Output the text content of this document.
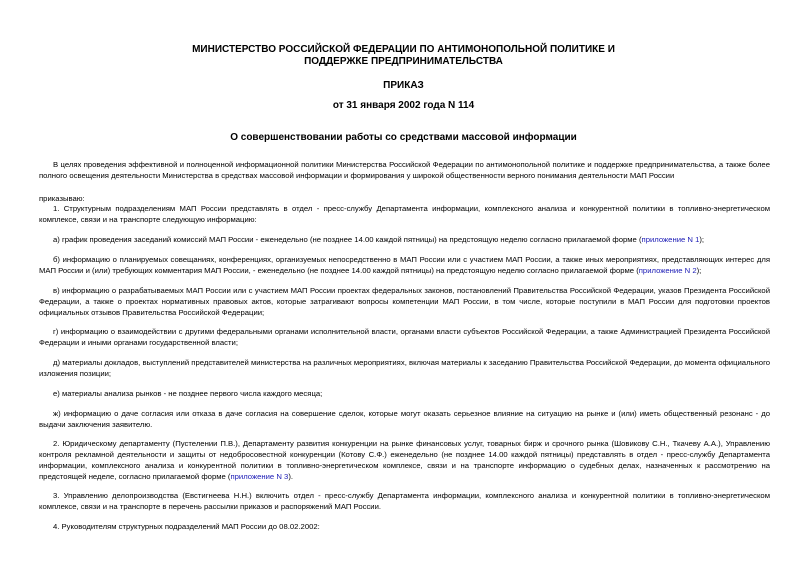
МИНИСТЕРСТВО РОССИЙСКОЙ ФЕДЕРАЦИИ ПО АНТИМОНОПОЛЬНОЙ ПОЛИТИКЕ И
ПОДДЕРЖКЕ ПРЕДПРИНИМАТЕЛЬСТВА
ПРИКАЗ
от 31 января 2002 года N 114
О совершенствовании работы со средствами массовой информации
В целях проведения эффективной и полноценной информационной политики Министерства Российской Федерации по антимонопольной политике и поддержке предпринимательства, а также более полного освещения деятельности Министерства в средствах массовой информации и формирования у широкой общественности верного понимания деятельности МАП России
приказываю:
1. Структурным подразделениям МАП России представлять в отдел - пресс-службу Департамента информации, комплексного анализа и конкурентной политики в топливно-энергетическом комплексе, связи и на транспорте следующую информацию:
а) график проведения заседаний комиссий МАП России - еженедельно (не позднее 14.00 каждой пятницы) на предстоящую неделю согласно прилагаемой форме (приложение N 1);
б) информацию о планируемых совещаниях, конференциях, организуемых непосредственно в МАП России или с участием МАП России, а также иных мероприятиях, представляющих интерес для МАП России и (или) требующих комментария МАП России, - еженедельно (не позднее 14.00 каждой пятницы) на предстоящую неделю согласно прилагаемой форме (приложение N 2);
в) информацию о разрабатываемых МАП России или с участием МАП России проектах федеральных законов, постановлений Правительства Российской Федерации, указов Президента Российской Федерации, а также о проектах нормативных правовых актов, которые затрагивают вопросы компетенции МАП России, в том числе, которые поступили в МАП России для подготовки проектов официальных отзывов Правительства Российской Федерации;
г) информацию о взаимодействии с другими федеральными органами исполнительной власти, органами власти субъектов Российской Федерации, а также Администрацией Президента Российской Федерации и иными органами государственной власти;
д) материалы докладов, выступлений представителей министерства на различных мероприятиях, включая материалы к заседанию Правительства Российской Федерации, до момента официального изложения позиции;
е) материалы анализа рынков - не позднее первого числа каждого месяца;
ж) информацию о даче согласия или отказа в даче согласия на совершение сделок, которые могут оказать серьезное влияние на ситуацию на рынке и (или) иметь общественный резонанс - до выдачи заключения заявителю.
2. Юридическому департаменту (Пустелении П.В.), Департаменту развития конкуренции на рынке финансовых услуг, товарных бирж и срочного рынка (Шовикову С.Н., Ткачеву А.А.), Управлению контроля рекламной деятельности и защиты от недобросовестной конкуренции (Котову С.Ф.) еженедельно (не позднее 14.00 каждой пятницы) представлять в отдел - пресс-службу Департамента информации, комплексного анализа и конкурентной политики в топливно-энергетическом комплексе, связи и на транспорте информацию о судебных делах, назначенных к рассмотрению на предстоящей неделе, согласно прилагаемой форме (приложение N 3).
3. Управлению делопроизводства (Евстигнеева Н.Н.) включить отдел - пресс-службу Департамента информации, комплексного анализа и конкурентной политики в топливно-энергетическом комплексе, связи и на транспорте в перечень рассылки приказов и распоряжений МАП России.
4. Руководителям структурных подразделений МАП России до 08.02.2002:
